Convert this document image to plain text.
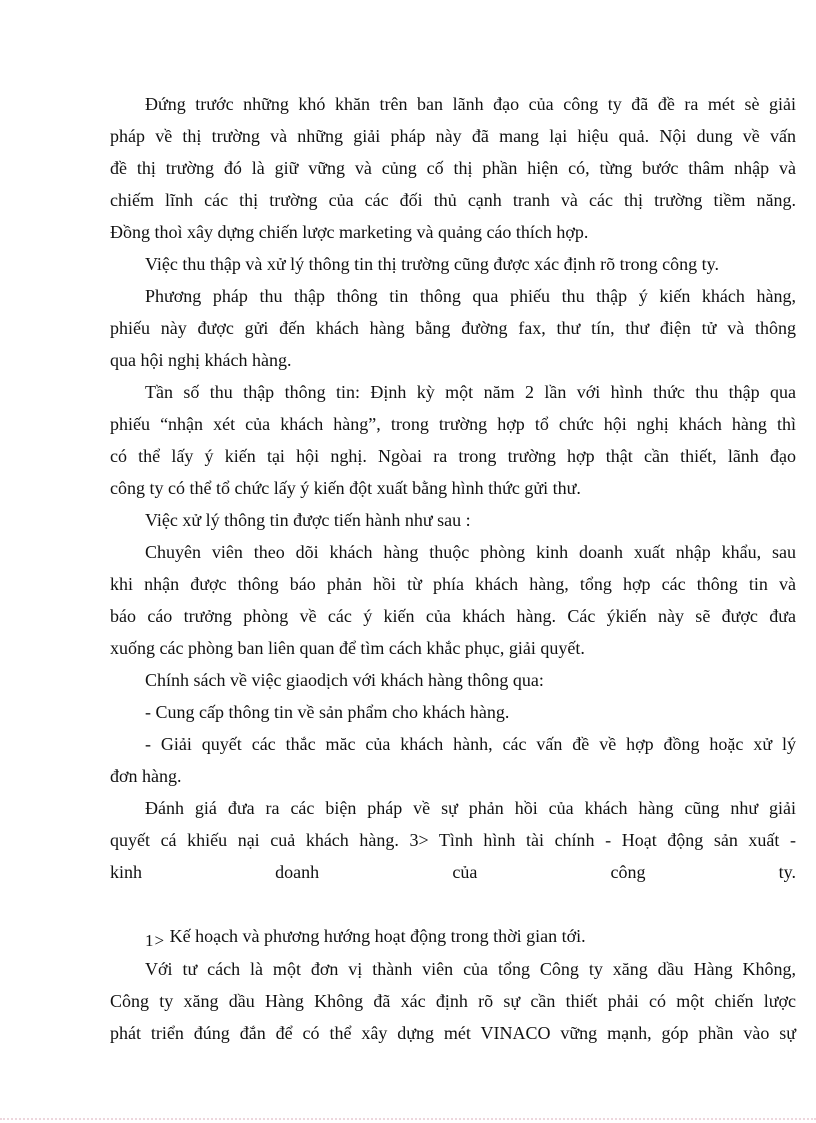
Đứng trước những khó khăn trên ban lãnh đạo của công ty đã đề ra mét sè giải
pháp về thị trường và những giải pháp này đã mang lại hiệu quả. Nội dung về vấn
đề thị trường đó là giữ vững và củng cố thị phần hiện có, từng bước thâm nhập và
chiếm lĩnh các thị trường của các đối thủ cạnh tranh và các thị trường tiềm năng.
Đồng thoì xây dựng chiến lược marketing và quảng cáo thích hợp.
Việc thu thập và xử lý thông tin thị trường cũng được xác định rõ trong công ty.
Phương pháp thu thập thông tin thông qua phiếu thu thập ý kiến khách hàng,
phiếu này được gửi đến khách hàng bằng đường fax, thư tín, thư điện tử và thông
qua hội nghị khách hàng.
Tần số thu thập thông tin: Định kỳ một năm 2 lần với hình thức thu thập qua
phiếu “nhận xét của khách hàng”, trong trường hợp tổ chức hội nghị khách hàng thì
có thể lấy ý kiến tại hội nghị. Ngòai ra trong trường hợp thật cần thiết, lãnh đạo
công ty có thể tổ chức lấy ý kiến đột xuất bằng hình thức gửi thư.
Việc xử lý thông tin được tiến hành như sau :
Chuyên viên theo dõi khách hàng thuộc phòng kinh doanh xuất nhập khẩu, sau
khi nhận được thông báo phản hồi từ phía khách hàng, tổng hợp các thông tin và
báo cáo trưởng phòng về các ý kiến của khách hàng. Các ýkiến này sẽ được đưa
xuống các phòng ban liên quan để tìm cách khắc phục, giải quyết.
Chính sách về việc giaodịch với khách hàng thông qua:
- Cung cấp thông tin về sản phẩm cho khách hàng.
- Giải quyết các thắc măc của khách hành, các vấn đề về hợp đồng hoặc xử lý
đơn hàng.
Đánh giá đưa ra các biện pháp về sự phản hồi của khách hàng cũng như giải
quyết cá khiếu nại cuả khách hàng. 3> Tình hình tài chính - Hoạt động sản xuất -
kinh doanh của công ty.
1> Kế hoạch và phương hướng hoạt động trong thời gian tới.
Với tư cách là một đơn vị thành viên của tổng Công ty xăng dầu Hàng Không,
Công ty xăng dầu Hàng Không đã xác định rõ sự cần thiết phải có một chiến lược
phát triển đúng đắn để có thể xây dựng mét VINACO vững mạnh, góp phần vào sự
